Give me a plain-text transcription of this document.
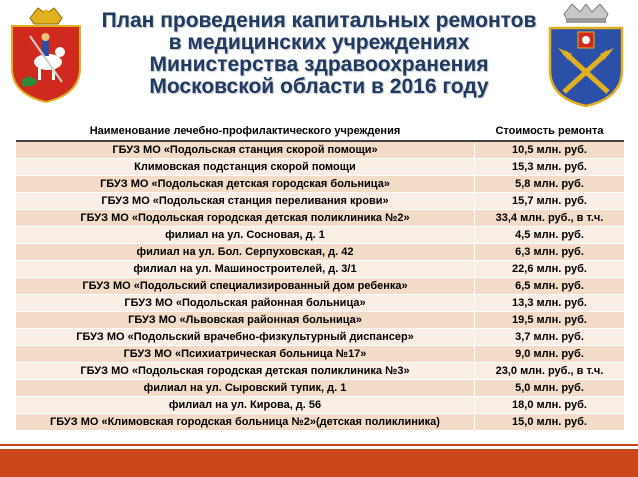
План проведения капитальных ремонтов
в медицинских учреждениях
Министерства здравоохранения
Московской области в 2016 году
Наименование лечебно-профилактического учреждения	Стоимость ремонта
ГБУЗ МО «Подольская станция скорой помощи»	10,5 млн. руб.
Климовская подстанция скорой помощи	15,3 млн. руб.
ГБУЗ МО «Подольская детская городская больница»	5,8 млн. руб.
ГБУЗ МО «Подольская станция переливания крови»	15,7 млн. руб.
ГБУЗ МО «Подольская городская детская поликлиника №2»	33,4 млн. руб., в т.ч.
филиал на ул. Сосновая, д. 1	4,5 млн. руб.
филиал на ул. Бол. Серпуховская, д. 42	6,3 млн. руб.
филиал на ул. Машиностроителей, д. 3/1	22,6 млн. руб.
ГБУЗ МО «Подольский специализированный дом ребенка»	6,5 млн. руб.
ГБУЗ МО «Подольская районная больница»	13,3 млн. руб.
ГБУЗ МО «Львовская районная больница»	19,5 млн. руб.
ГБУЗ МО «Подольский врачебно-физкультурный диспансер»	3,7 млн. руб.
ГБУЗ МО «Психиатрическая больница №17»	9,0 млн. руб.
ГБУЗ МО «Подольская городская детская поликлиника №3»	23,0 млн. руб., в т.ч.
филиал на ул. Сыровский тупик, д. 1	5,0 млн. руб.
филиал на ул. Кирова, д. 56	18,0 млн. руб.
ГБУЗ МО «Климовская городская больница №2»(детская поликлиника)	15,0 млн. руб.
